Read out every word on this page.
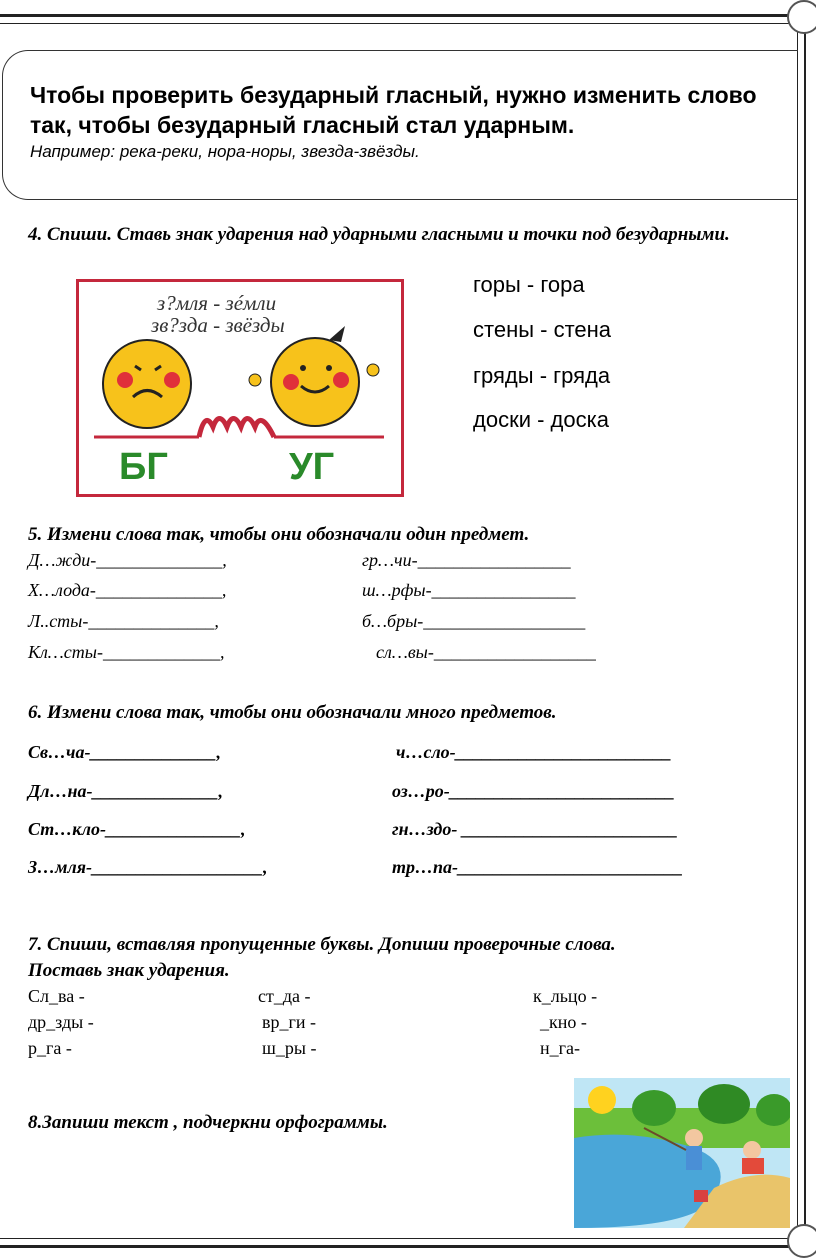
Чтобы проверить безударный гласный, нужно изменить слово так, чтобы безударный гласный стал ударным.
Например: река-реки, нора-норы, звезда-звёзды.
4. Спиши. Ставь знак ударения над ударными гласными и точки под безударными.
з?мля - зéмли
зв?зда - звёзды
БГ	УГ
горы - гора
стены - стена
гряды - гряда
доски - доска
5. Измени слова так, чтобы они обозначали один предмет.
Д…жди-______________,
Х…лода-______________,
Л..сты-______________,
Кл…сты-_____________,
гр…чи-_________________
ш…рфы-________________
б…бры-__________________
сл…вы-__________________
6. Измени слова так, чтобы они обозначали много предметов.
Св…ча-______________,
Дл…на-______________,
Ст…кло-_______________,
З…мля-___________________,
ч…сло-________________________
оз…ро-_________________________
гн…здо- ________________________
тр…па-_________________________
7. Спиши, вставляя пропущенные буквы. Допиши проверочные слова.
Поставь знак ударения.
Сл_ва -
др_зды -
р_га -
ст_да -
вр_ги -
ш_ры -
к_льцо -
_кно -
н_га-
8.Запиши текст , подчеркни орфограммы.
